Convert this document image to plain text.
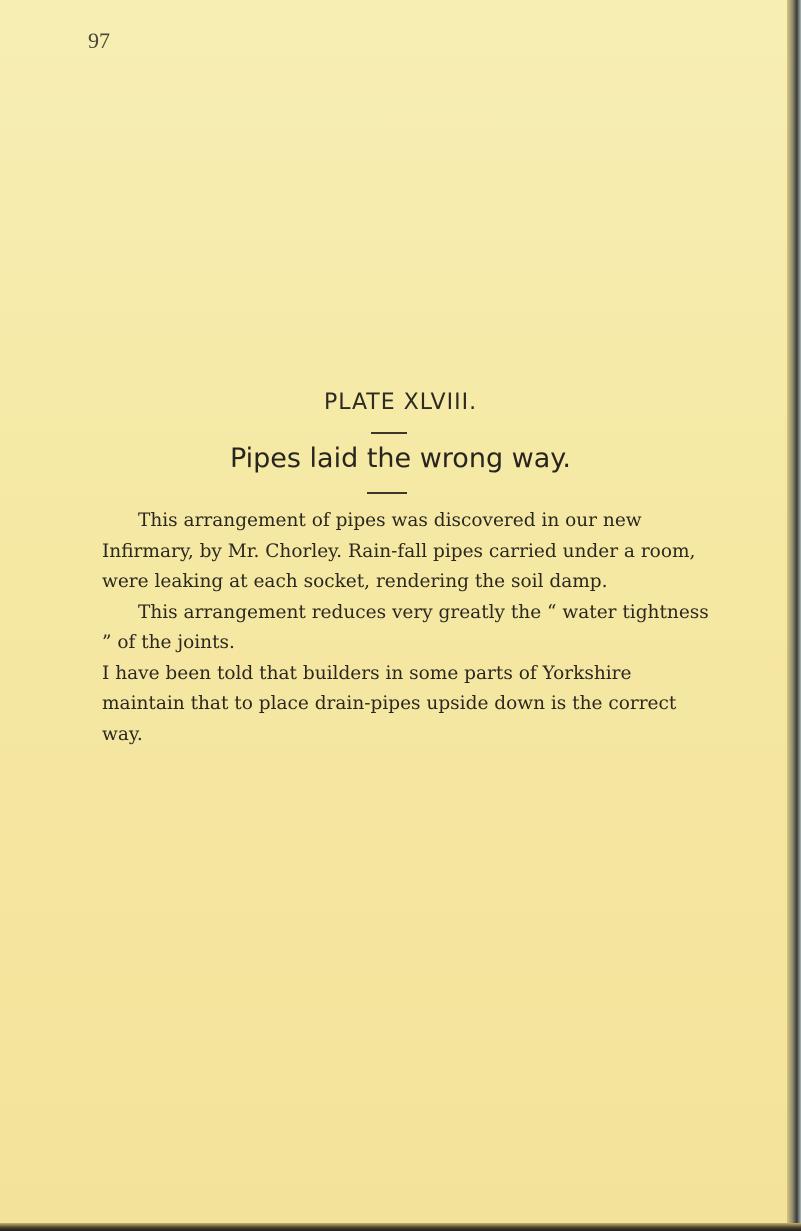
97
PLATE XLVIII.
Pipes laid the wrong way.

This arrangement of pipes was discovered in our new Infirmary, by Mr. Chorley. Rain-fall pipes carried under a room, were leaking at each socket, rendering the soil damp.

This arrangement reduces very greatly the “ water tightness ” of the joints.

I have been told that builders in some parts of Yorkshire maintain that to place drain-pipes upside down is the correct way.
